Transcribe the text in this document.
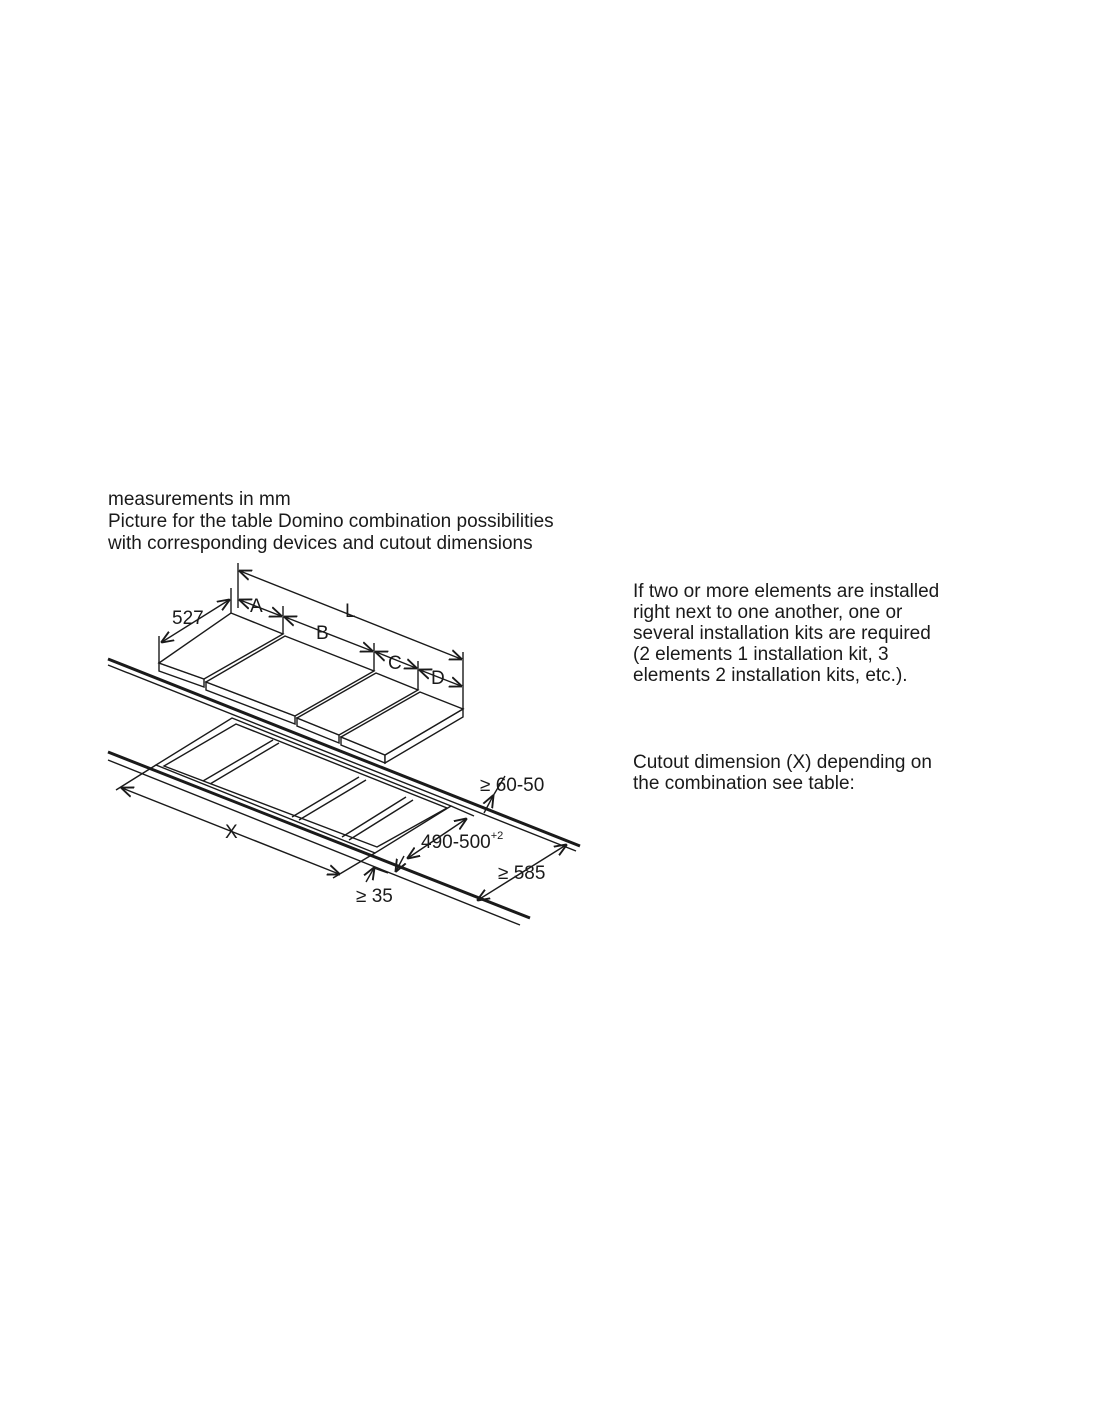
measurements in mm
Picture for the table Domino combination possibilities
with corresponding devices and cutout dimensions

If two or more elements are installed
right next to one another, one or
several installation kits are required
(2 elements 1 installation kit, 3
elements 2 installation kits, etc.).

Cutout dimension (X) depending on
the combination see table:

527	L
A
B
C
D
X
≥ 60-50
$490-500^{+2}$
≥ 585
≥ 35
